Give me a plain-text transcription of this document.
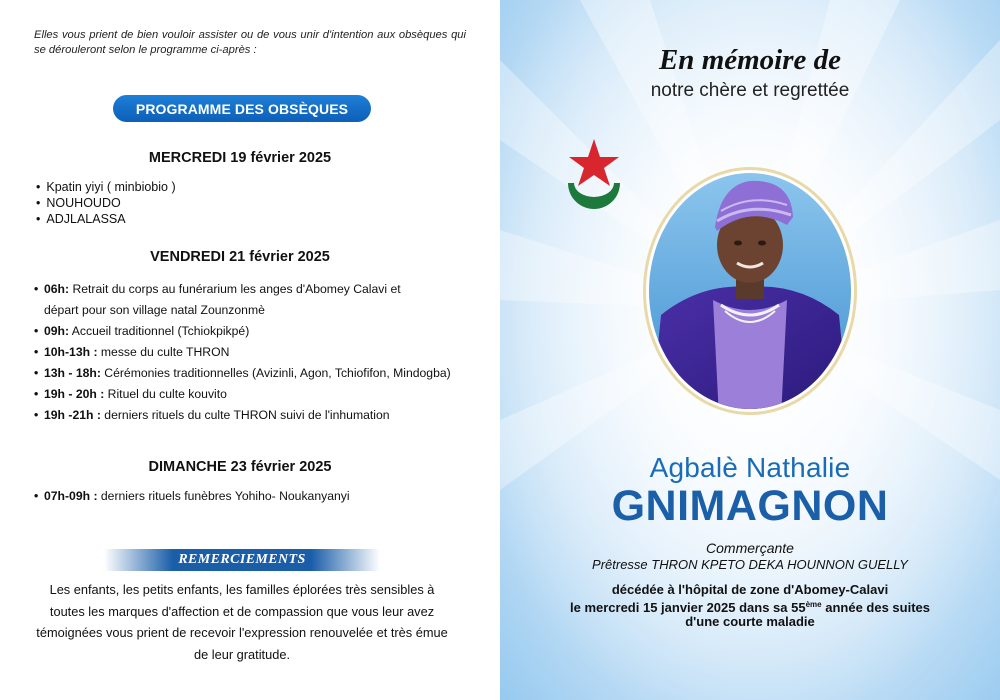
Elles vous prient de bien vouloir assister ou de vous unir d'intention aux obsèques qui se dérouleront selon le programme ci-après :

PROGRAMME DES OBSÈQUES
MERCREDI 19 février 2025
• Kpatin yiyi ( minbiobio )
• NOUHOUDO
• ADJLALASSA
VENDREDI 21 février 2025
• 06h: Retrait du corps au funérarium les anges d'Abomey Calavi et
départ pour son village natal Zounzonmè
• 09h: Accueil traditionnel (Tchiokpikpé)
• 10h-13h : messe du culte THRON
• 13h - 18h: Cérémonies traditionnelles (Avizinli, Agon, Tchiofifon, Mindogba)
• 19h - 20h : Rituel du culte kouvito
• 19h -21h : derniers rituels du culte THRON suivi de l'inhumation
DIMANCHE 23 février 2025
• 07h-09h : derniers rituels funèbres Yohiho- Noukanyanyi
REMERCIEMENTS

Les enfants, les petits enfants, les familles éplorées très sensibles à toutes les marques d'affection et de compassion que vous leur avez témoignées vous prient de recevoir l'expression renouvelée et très émue de leur gratitude.

En mémoire de
notre chère et regrettée
Agbalè Nathalie
GNIMAGNON
Commerçante
Prêtresse THRON KPETO DEKA HOUNNON GUELLY
décédée à l'hôpital de zone d'Abomey-Calavi
le mercredi 15 janvier 2025 dans sa 55ème année des suites
d'une courte maladie
